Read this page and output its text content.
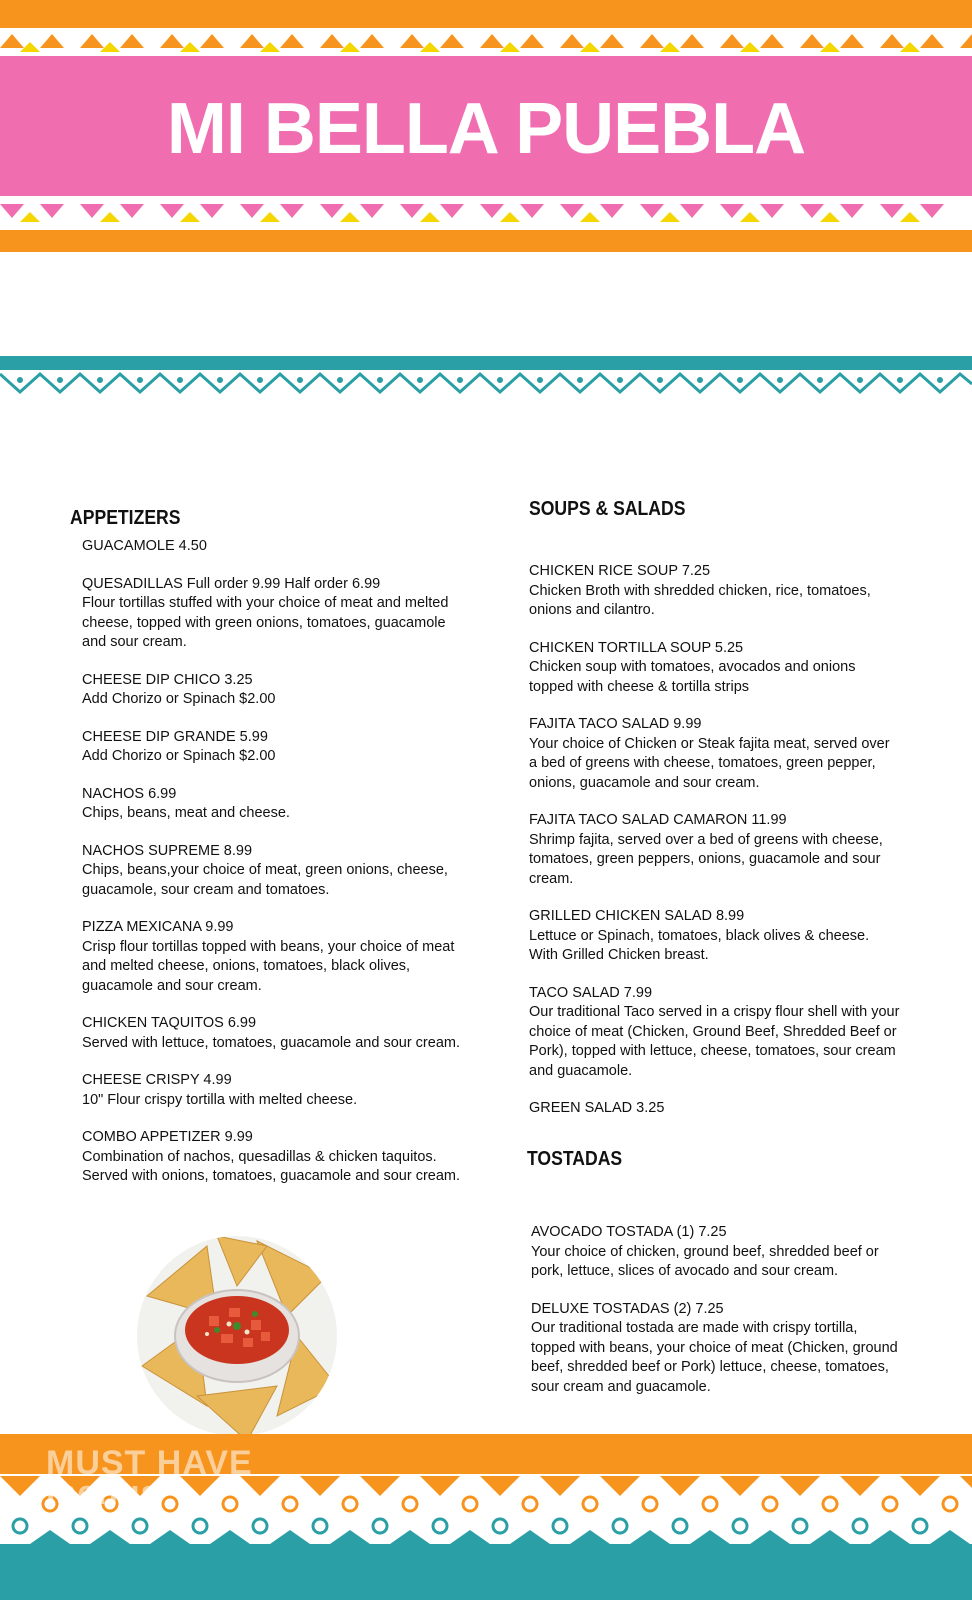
MI BELLA PUEBLA
APPETIZERS
GUACAMOLE 4.50
QUESADILLAS Full order 9.99 Half order 6.99
Flour tortillas stuffed with your choice of meat and melted cheese, topped with green onions, tomatoes, guacamole and sour cream.
CHEESE DIP CHICO 3.25
Add Chorizo or Spinach $2.00
CHEESE DIP GRANDE 5.99
Add Chorizo or Spinach $2.00
NACHOS 6.99
Chips, beans, meat and cheese.
NACHOS SUPREME 8.99
Chips, beans,your choice of meat, green onions, cheese, guacamole, sour cream and tomatoes.
PIZZA MEXICANA 9.99
Crisp flour tortillas topped with beans, your choice of meat and melted cheese, onions, tomatoes, black olives, guacamole and sour cream.
CHICKEN TAQUITOS 6.99
Served with lettuce, tomatoes, guacamole and sour cream.
CHEESE CRISPY 4.99
10" Flour crispy tortilla with melted cheese.
COMBO APPETIZER 9.99
Combination of nachos, quesadillas & chicken taquitos. Served with onions, tomatoes, guacamole and sour cream.
SOUPS & SALADS
CHICKEN RICE SOUP 7.25
Chicken Broth with shredded chicken, rice, tomatoes, onions and cilantro.
CHICKEN TORTILLA SOUP 5.25
Chicken soup with tomatoes, avocados and onions topped with cheese & tortilla strips
FAJITA TACO SALAD 9.99
Your choice of Chicken or Steak fajita meat, served over a bed of greens with cheese, tomatoes, green pepper, onions, guacamole and sour cream.
FAJITA TACO SALAD CAMARON 11.99
Shrimp fajita, served over a bed of greens with cheese, tomatoes, green peppers, onions, guacamole and sour cream.
GRILLED CHICKEN SALAD 8.99
Lettuce or Spinach, tomatoes, black olives & cheese. With Grilled Chicken breast.
TACO SALAD 7.99
Our traditional Taco served in a crispy flour shell with your choice of meat (Chicken, Ground Beef, Shredded Beef or Pork), topped with lettuce, cheese, tomatoes, sour cream and guacamole.
GREEN SALAD 3.25
TOSTADAS
AVOCADO TOSTADA (1) 7.25
Your choice of chicken, ground beef, shredded beef or pork, lettuce, slices of avocado and sour cream.
DELUXE TOSTADAS (2) 7.25
Our traditional tostada are made with crispy tortilla, topped with beans, your choice of meat (Chicken, ground beef, shredded beef or Pork) lettuce, cheese, tomatoes, sour cream and guacamole.
MUST HAVE
menus
